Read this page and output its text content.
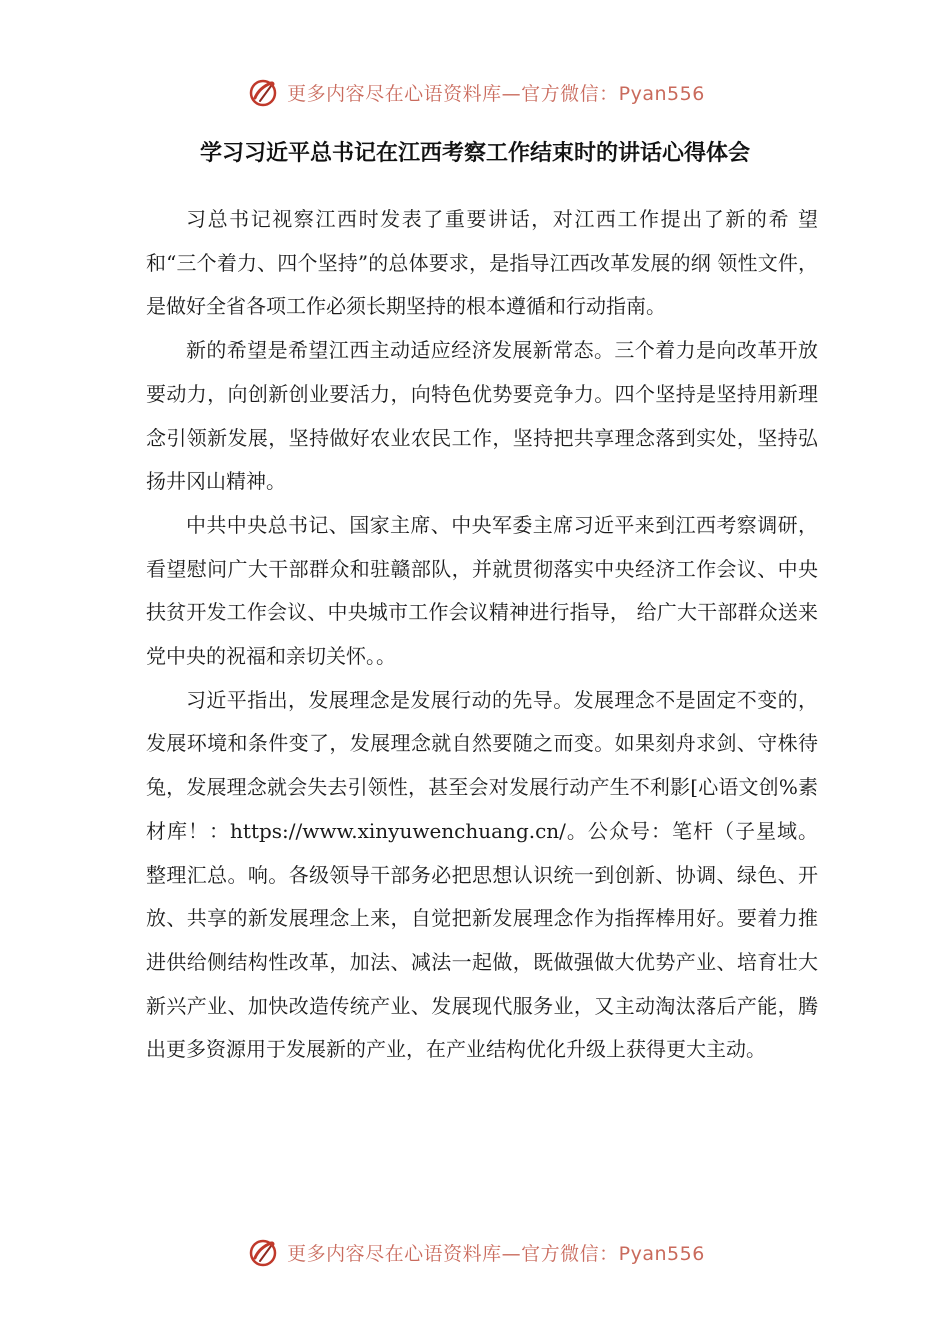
更多内容尽在心语资料库—官方微信：Pyan556
学习习近平总书记在江西考察工作结束时的讲话心得体会

习总书记视察江西时发表了重要讲话，对江西工作提出了新的希 望和“三个着力、四个坚持”的总体要求，是指导江西改革发展的纲 领性文件，是做好全省各项工作必须长期坚持的根本遵循和行动指南。

新的希望是希望江西主动适应经济发展新常态。三个着力是向改革开放要动力，向创新创业要活力，向特色优势要竞争力。四个坚持是坚持用新理念引领新发展，坚持做好农业农民工作，坚持把共享理念落到实处，坚持弘扬井冈山精神。

中共中央总书记、国家主席、中央军委主席习近平来到江西考察调研，看望慰问广大干部群众和驻赣部队，并就贯彻落实中央经济工作会议、中央扶贫开发工作会议、中央城市工作会议精神进行指导， 给广大干部群众送来党中央的祝福和亲切关怀。。

习近平指出，发展理念是发展行动的先导。发展理念不是固定不变的，发展环境和条件变了，发展理念就自然要随之而变。如果刻舟求剑、守株待兔，发展理念就会失去引领性，甚至会对发展行动产生不利影[心语文创%素材库！：https://www.xinyuwenchuang.cn/。公众号：笔杆（子星域。整理汇总。响。各级领导干部务必把思想认识统一到创新、协调、绿色、开放、共享的新发展理念上来，自觉把新发展理念作为指挥棒用好。要着力推进供给侧结构性改革，加法、减法一起做，既做强做大优势产业、培育壮大新兴产业、加快改造传统产业、发展现代服务业，又主动淘汰落后产能，腾出更多资源用于发展新的产业，在产业结构优化升级上获得更大主动。

更多内容尽在心语资料库—官方微信：Pyan556
